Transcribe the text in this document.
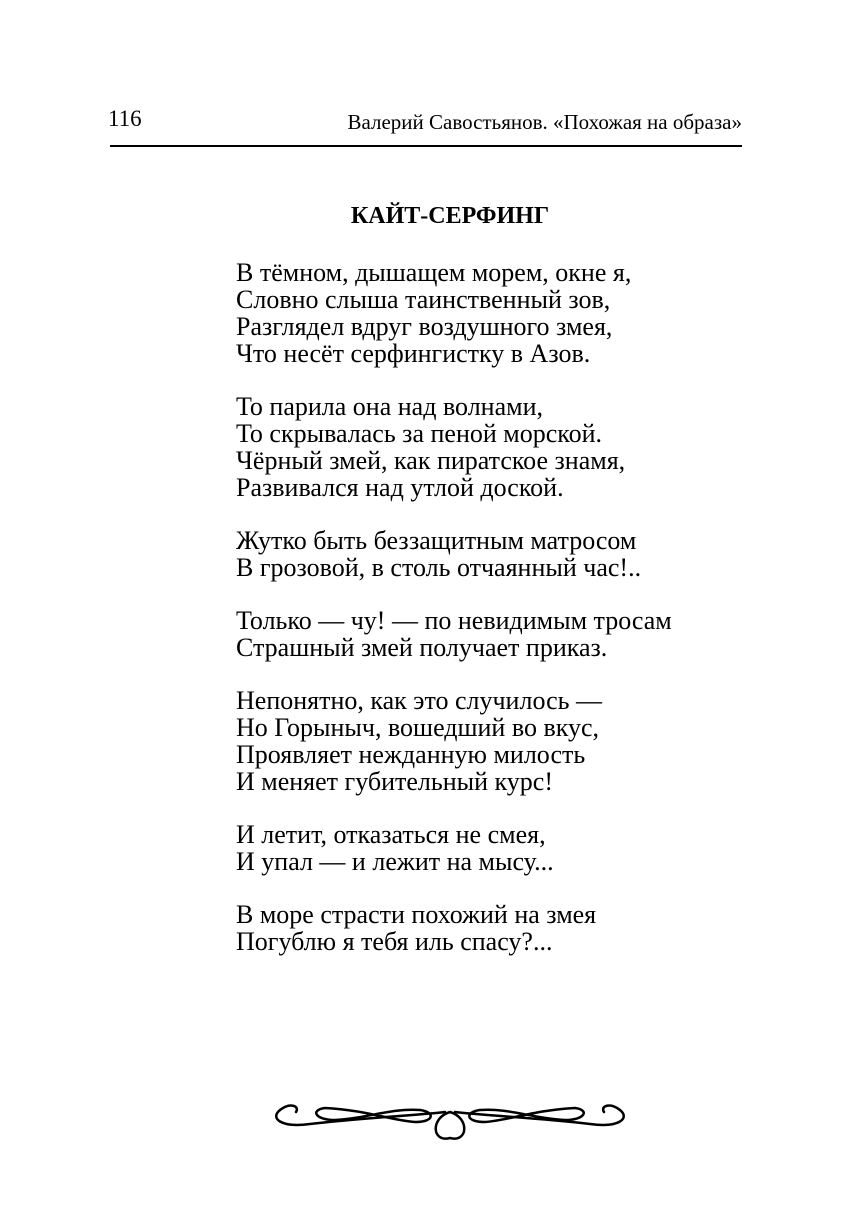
116	Валерий Савостьянов. «Похожая на образа»
КАЙТ-СЕРФИНГ
В тёмном, дышащем морем, окне я,
Словно слыша таинственный зов,
Разглядел вдруг воздушного змея,
Что несёт серфингистку в Азов.
То парила она над волнами,
То скрывалась за пеной морской.
Чёрный змей, как пиратское знамя,
Развивался над утлой доской.
Жутко быть беззащитным матросом
В грозовой, в столь отчаянный час!..
Только — чу! — по невидимым тросам
Страшный змей получает приказ.
Непонятно, как это случилось —
Но Горыныч, вошедший во вкус,
Проявляет нежданную милость
И меняет губительный курс!
И летит, отказаться не смея,
И упал — и лежит на мысу...
В море страсти похожий на змея
Погублю я тебя иль спасу?...
